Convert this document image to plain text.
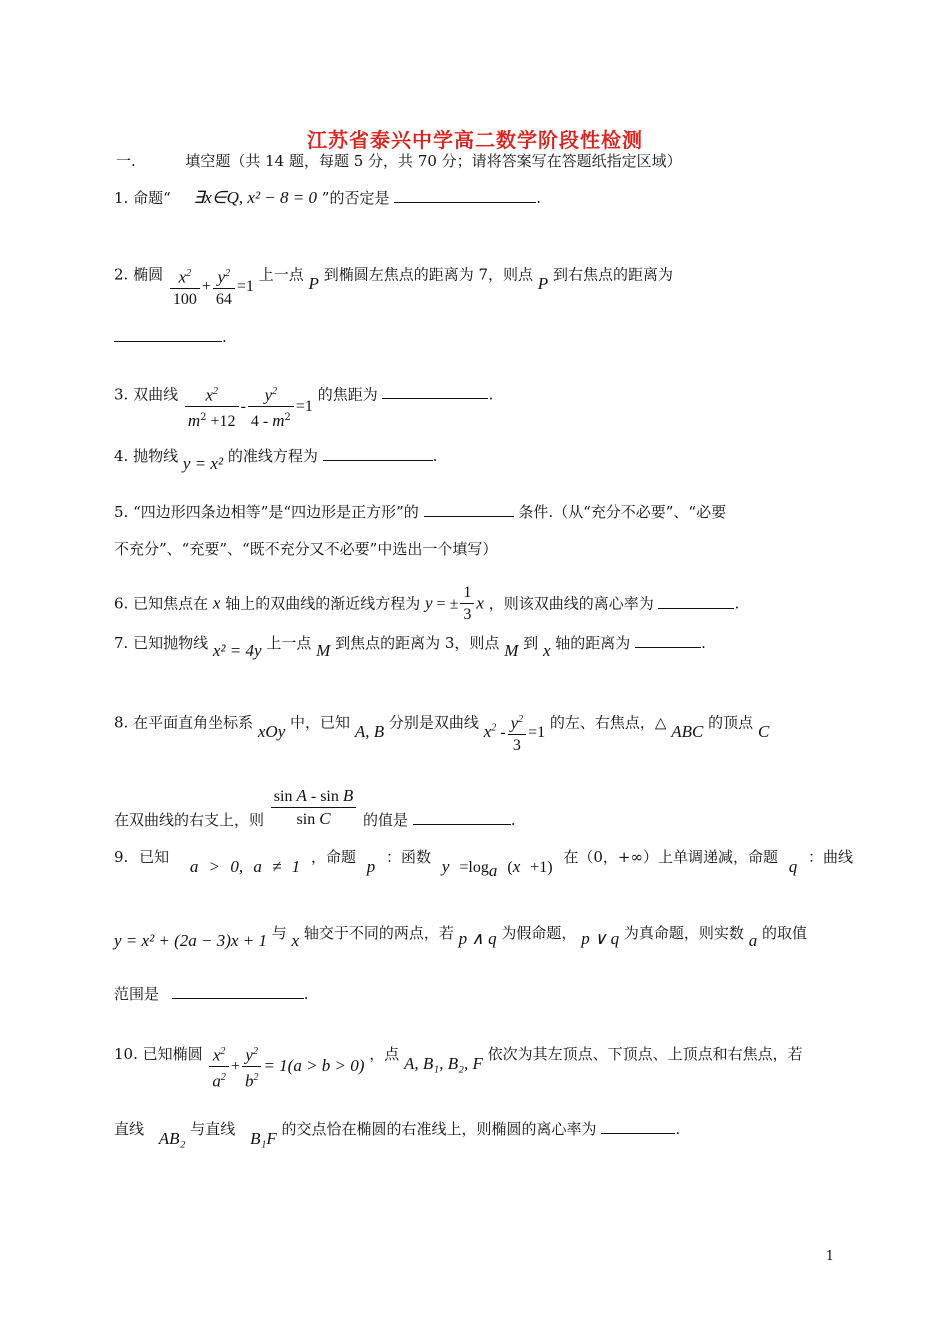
江苏省泰兴中学高二数学阶段性检测
一.	填空题（共 14 题，每题 5 分，共 70 分；请将答案写在答题纸指定区域）
1. 命题“ ∃x∈Q, x² − 8 = 0 ”的否定是	.
2. 椭圆 $\frac{x^2}{100} + \frac{y^2}{64} =1$ 上一点 P 到椭圆左焦点的距离为 7，则点 P 到右焦点的距离为
.
3. 双曲线 $\frac{x^2}{m^2 +12} - \frac{y^2}{4 - m^2} =1$ 的焦距为	.
4. 抛物线 y = x² 的准线方程为	.
5. “四边形四条边相等”是“四边形是正方形”的	条件.（从“充分不必要”、“必要
不充分”、“充要”、“既不充分又不必要”中选出一个填写）
6. 已知焦点在 x 轴上的双曲线的渐近线方程为 y = ± $\frac{1}{3}$ x ，则该双曲线的离心率为	.
7. 已知抛物线 x² = 4y 上一点 M 到焦点的距离为 3，则点 M 到 x 轴的距离为	.
8. 在平面直角坐标系 xOy 中，已知 A, B 分别是双曲线 $x^2 - \frac{y^2}{3} =1$ 的左、右焦点，△ ABC 的顶点 C
在双曲线的右支上，则 $\frac{\text{sin A - sin B}}{\text{sin C}}$ 的值是	.
9. 已知 a > 0, a ≠ 1 ，命题 p ：函数 $y =\log_a$ (x +1) 在（0，+∞）上单调递减，命题 q ：曲线
y = x² + (2a − 3)x + 1 与 x 轴交于不同的两点，若 p ∧ q 为假命题， p ∨ q 为真命题，则实数 a 的取值
范围是	.
10. 已知椭圆 $\frac{x^2}{a^2} + \frac{y^2}{b^2} = 1(a > b > 0)$ ，点 A, B₁, B₂, F 依次为其左顶点、下顶点、上顶点和右焦点，若
直线 AB₂ 与直线 B₁F 的交点恰在椭圆的右准线上，则椭圆的离心率为	.
1
